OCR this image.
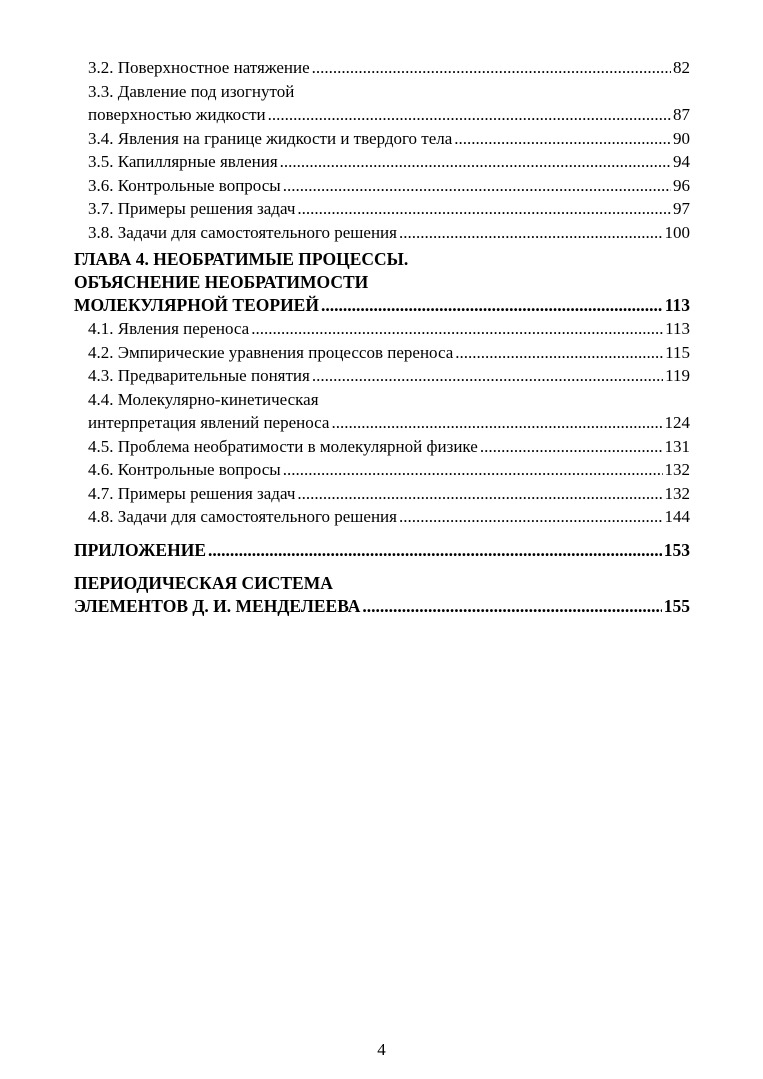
3.2. Поверхностное натяжение .....	82
3.3. Давление под изогнутой
поверхностью жидкости .....	87
3.4. Явления на границе жидкости и твердого тела .....	90
3.5. Капиллярные явления .....	94
3.6. Контрольные вопросы .....	96
3.7. Примеры решения задач .....	97
3.8. Задачи для самостоятельного решения .....	100
ГЛАВА 4. НЕОБРАТИМЫЕ ПРОЦЕССЫ.
ОБЪЯСНЕНИЕ НЕОБРАТИМОСТИ
МОЛЕКУЛЯРНОЙ ТЕОРИЕЙ .....	113
4.1. Явления переноса .....	113
4.2. Эмпирические уравнения процессов переноса .....	115
4.3. Предварительные понятия .....	119
4.4. Молекулярно-кинетическая
интерпретация явлений переноса .....	124
4.5. Проблема необратимости в молекулярной физике .....	131
4.6. Контрольные вопросы .....	132
4.7. Примеры решения задач .....	132
4.8. Задачи для самостоятельного решения .....	144
ПРИЛОЖЕНИЕ .....	153
ПЕРИОДИЧЕСКАЯ СИСТЕМА
ЭЛЕМЕНТОВ Д. И. МЕНДЕЛЕЕВА .....	155
4
